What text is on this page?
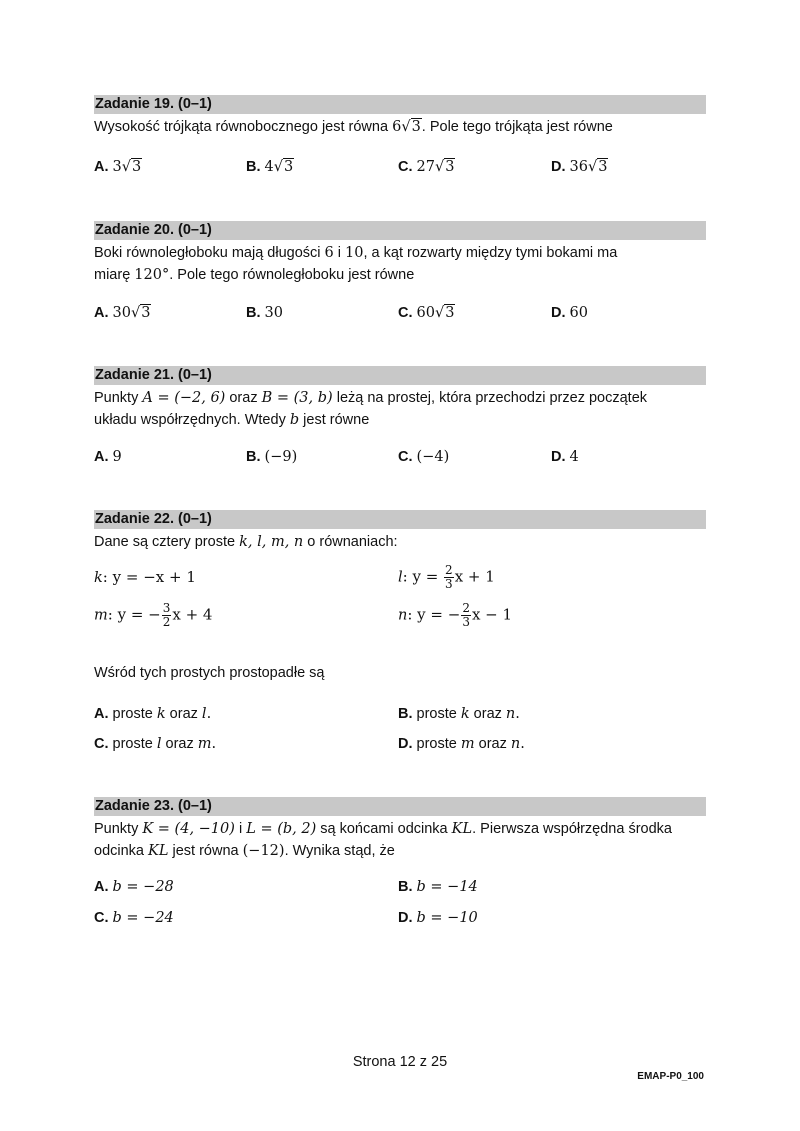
Zadanie 19. (0–1)
Wysokość trójkąta równobocznego jest równa 6√3. Pole tego trójkąta jest równe
A. 3√3	B. 4√3	C. 27√3	D. 36√3
Zadanie 20. (0–1)
Boki równoległoboku mają długości 6 i 10, a kąt rozwarty między tymi bokami ma
miarę 120°. Pole tego równoległoboku jest równe
A. 30√3	B. 30	C. 60√3	D. 60
Zadanie 21. (0–1)
Punkty A = (−2, 6) oraz B = (3, b) leżą na prostej, która przechodzi przez początek
układu współrzędnych. Wtedy b jest równe
A. 9	B. (−9)	C. (−4)	D. 4
Zadanie 22. (0–1)
Dane są cztery proste k, l, m, n o równaniach:
k: y = −x + 1	l: $y = \frac{2}{3}$ x + 1
m: y = − $\frac{3}{2}$ x + 4	n: y = − $\frac{2}{3}$ x − 1
Wśród tych prostych prostopadłe są
A. proste k oraz l.	B. proste k oraz n.
C. proste l oraz m.	D. proste m oraz n.
Zadanie 23. (0–1)
Punkty K = (4, −10) i L = (b, 2) są końcami odcinka KL. Pierwsza współrzędna środka
odcinka KL jest równa (−12). Wynika stąd, że
A. b = −28	B. b = −14
C. b = −24	D. b = −10
Strona 12 z 25
EMAP-P0_100
